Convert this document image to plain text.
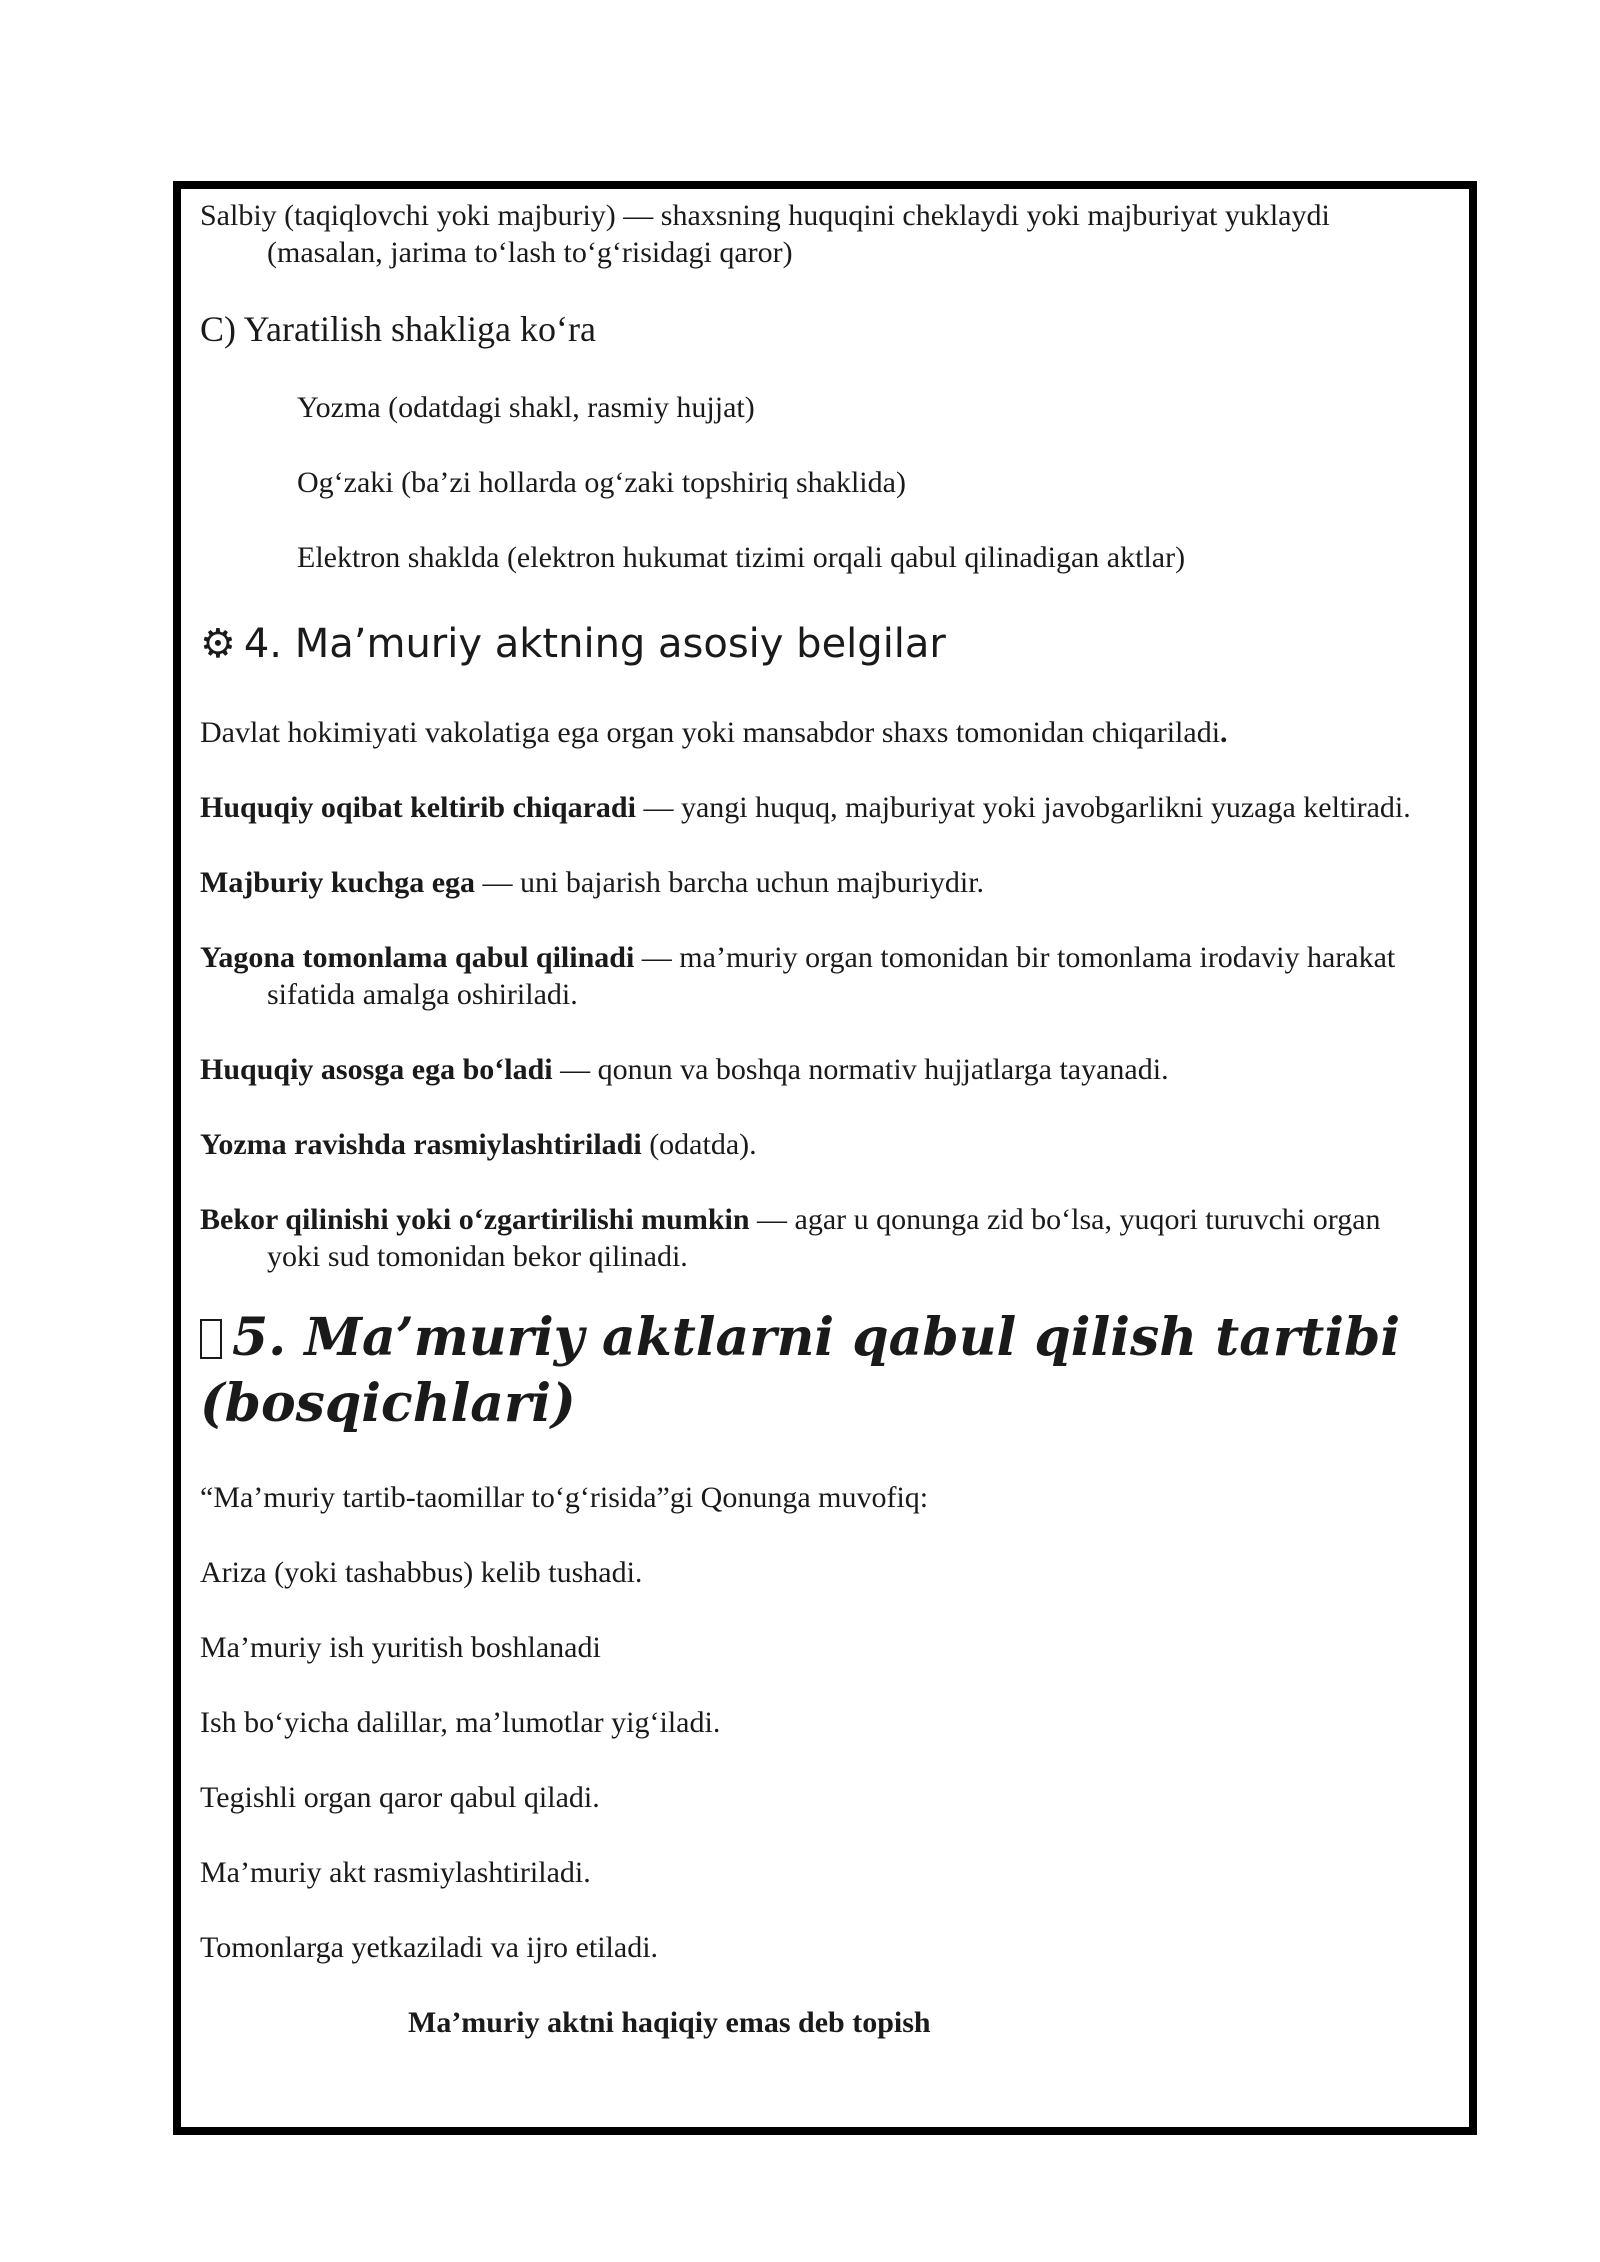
Salbiy (taqiqlovchi yoki majburiy) — shaxsning huquqini cheklaydi yoki majburiyat yuklaydi (masalan, jarima to‘lash to‘g‘risidagi qaror)

C) Yaratilish shakliga ko‘ra

Yozma (odatdagi shakl, rasmiy hujjat)

Og‘zaki (ba’zi hollarda og‘zaki topshiriq shaklida)

Elektron shaklda (elektron hukumat tizimi orqali qabul qilinadigan aktlar)

⚙ 4. Ma’muriy aktning asosiy belgilar

Davlat hokimiyati vakolatiga ega organ yoki mansabdor shaxs tomonidan chiqariladi.

Huquqiy oqibat keltirib chiqaradi — yangi huquq, majburiyat yoki javobgarlikni yuzaga keltiradi.

Majburiy kuchga ega — uni bajarish barcha uchun majburiydir.

Yagona tomonlama qabul qilinadi — ma’muriy organ tomonidan bir tomonlama irodaviy harakat sifatida amalga oshiriladi.

Huquqiy asosga ega bo‘ladi — qonun va boshqa normativ hujjatlarga tayanadi.

Yozma ravishda rasmiylashtiriladi (odatda).

Bekor qilinishi yoki o‘zgartirilishi mumkin — agar u qonunga zid bo‘lsa, yuqori turuvchi organ yoki sud tomonidan bekor qilinadi.

5. Ma’muriy aktlarni qabul qilish tartibi (bosqichlari)

“Ma’muriy tartib-taomillar to‘g‘risida”gi Qonunga muvofiq:

Ariza (yoki tashabbus) kelib tushadi.

Ma’muriy ish yuritish boshlanadi

Ish bo‘yicha dalillar, ma’lumotlar yig‘iladi.

Tegishli organ qaror qabul qiladi.

Ma’muriy akt rasmiylashtiriladi.

Tomonlarga yetkaziladi va ijro etiladi.

Ma’muriy aktni haqiqiy emas deb topish
